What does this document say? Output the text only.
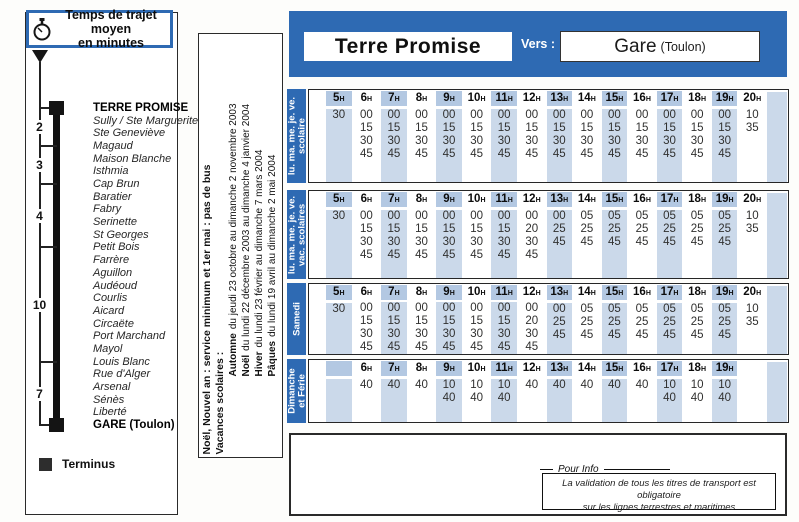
Temps de trajet moyen
en minutes
TERRE PROMISE
Sully / Ste Marguerite
Ste Geneviève
Magaud
Maison Blanche
Isthmia
Cap Brun
Baratier
Fabry
Serinette
St Georges
Petit Bois
Farrère
Aguillon
Audéoud
Courlis
Aicard
Circaëte
Port Marchand
Mayol
Louis Blanc
Rue d'Alger
Arsenal
Sénès
Liberté
GARE (Toulon)
2
3
4
10
7
Terminus
Noël, Nouvel an : service minimum et 1er mai : pas de bus Vacances scolaires : Automnedu jeudi 23 octobre au dimanche 2 novembre 2003
Noëldu lundi 22 décembre 2003 au dimanche 4 janvier 2004
Hiverdu lundi 23 février au dimanche 7 mars 2004
Pâquesdu lundi 19 avril au dimanche 2 mai 2004
Terre Promise	Vers :	Gare (Toulon)
lu. ma. me. je. ve.
scolaire
5H
30
6H
00
15
30
45
7H
00
15
30
45
8H
00
15
30
45
9H
00
15
30
45
10H
00
15
30
45
11H
00
15
30
45
12H
00
15
30
45
13H
00
15
30
45
14H
00
15
30
45
15H
00
15
30
45
16H
00
15
30
45
17H
00
15
30
45
18H
00
15
30
45
19H
00
15
30
45
20H
10
35
lu. ma. me. je. ve.
vac. scolaires
5H
30
6H
00
15
30
45
7H
00
15
30
45
8H
00
15
30
45
9H
00
15
30
45
10H
00
15
30
45
11H
00
15
30
45
12H
00
20
30
45
13H
00
25
45
14H
05
25
45
15H
05
25
45
16H
05
25
45
17H
05
25
45
18H
05
25
45
19H
05
25
45
20H
10
35
Samedi
5H
30
6H
00
15
30
45
7H
00
15
30
45
8H
00
15
30
45
9H
00
15
30
45
10H
00
15
30
45
11H
00
15
30
45
12H
00
20
30
45
13H
00
25
45
14H
05
25
45
15H
05
25
45
16H
05
25
45
17H
05
25
45
18H
05
25
45
19H
05
25
45
20H
10
35
Dimanche
et Férie
6H
40
7H
40
8H
40
9H
10
40
10H
10
40
11H
10
40
12H
40
13H
40
14H
40
15H
40
16H
40
17H
10
40
18H
10
40
19H
10
40
Pour Info
La validation de tous les titres de transport est obligatoire
sur les lignes terrestres et maritimes
